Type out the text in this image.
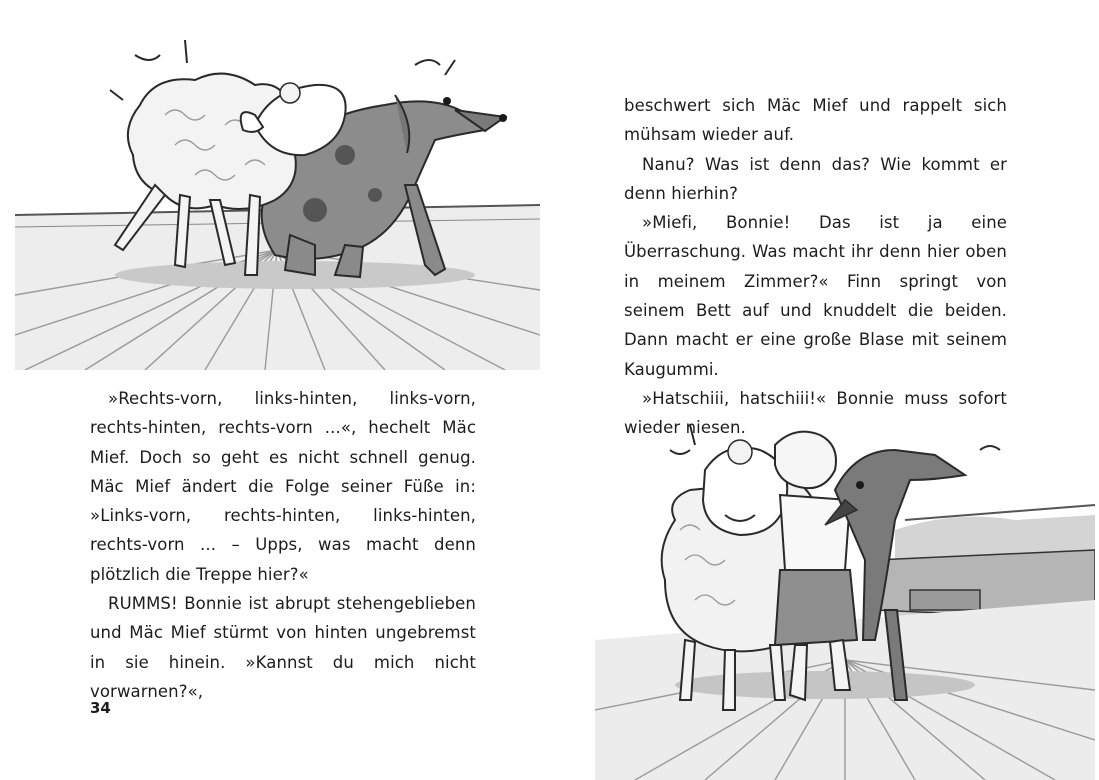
»Rechts-vorn, links-hinten, links-vorn, rechts-hinten, rechts-vorn ...«, hechelt Mäc Mief. Doch so geht es nicht schnell genug. Mäc Mief ändert die Folge seiner Füße in: »Links-vorn, rechts-hinten, links-hinten, rechts-vorn ... – Upps, was macht denn plötzlich die Treppe hier?«

RUMMS! Bonnie ist abrupt stehengeblieben und Mäc Mief stürmt von hinten ungebremst in sie hinein. »Kannst du mich nicht vorwarnen?«,

34

beschwert sich Mäc Mief und rappelt sich mühsam wieder auf.

Nanu? Was ist denn das? Wie kommt er denn hierhin?

»Miefi, Bonnie! Das ist ja eine Überraschung. Was macht ihr denn hier oben in meinem Zimmer?« Finn springt von seinem Bett auf und knuddelt die beiden. Dann macht er eine große Blase mit seinem Kaugummi.

»Hatschiii, hatschiii!« Bonnie muss sofort wieder niesen.
